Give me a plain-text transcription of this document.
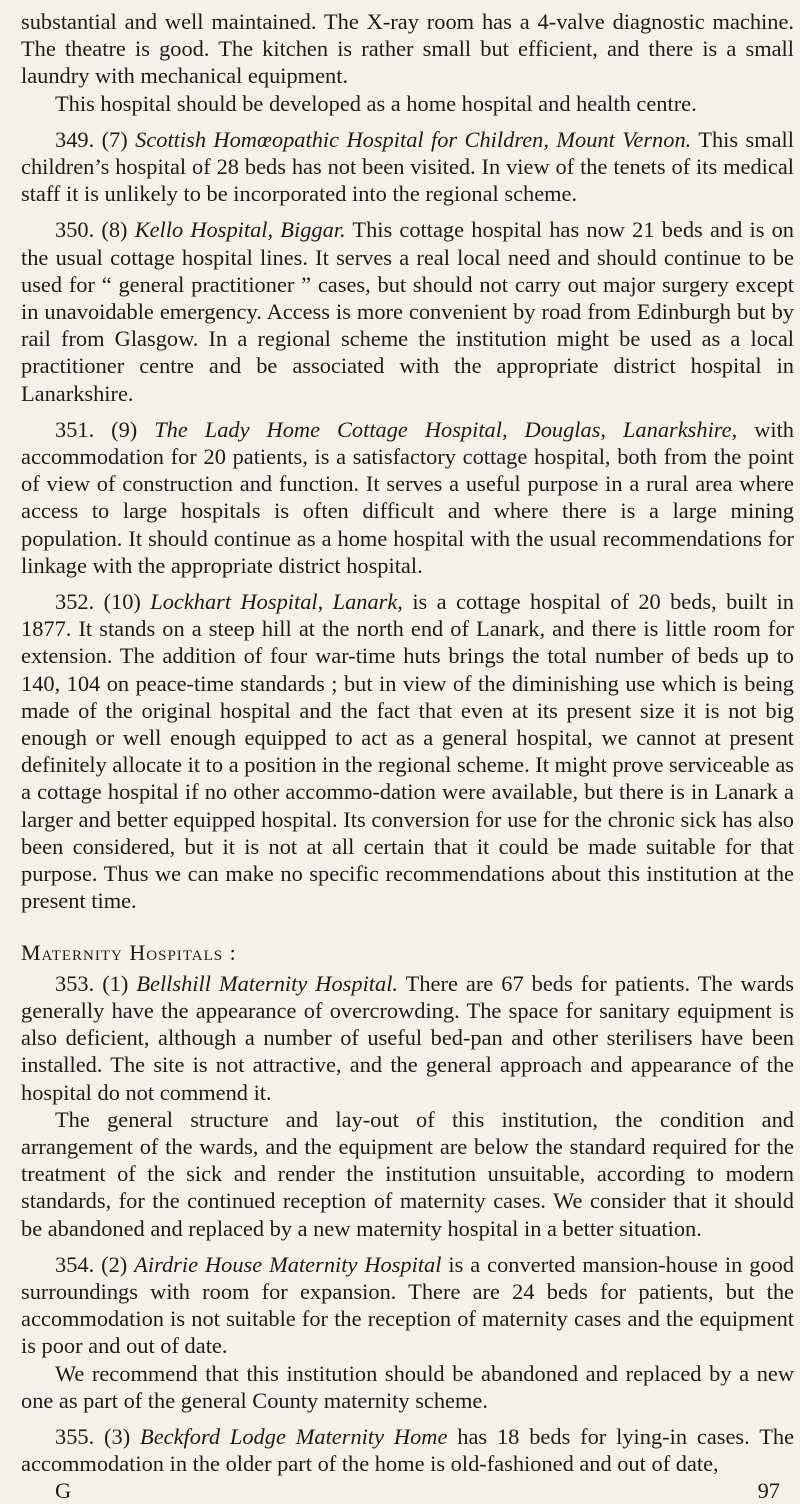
substantial and well maintained. The X-ray room has a 4-valve diagnostic machine. The theatre is good. The kitchen is rather small but efficient, and there is a small laundry with mechanical equipment.

This hospital should be developed as a home hospital and health centre.

349. (7) Scottish Homœopathic Hospital for Children, Mount Vernon. This small children’s hospital of 28 beds has not been visited. In view of the tenets of its medical staff it is unlikely to be incorporated into the regional scheme.

350. (8) Kello Hospital, Biggar. This cottage hospital has now 21 beds and is on the usual cottage hospital lines. It serves a real local need and should continue to be used for “ general practitioner ” cases, but should not carry out major surgery except in unavoidable emergency. Access is more convenient by road from Edinburgh but by rail from Glasgow. In a regional scheme the institution might be used as a local practitioner centre and be associated with the appropriate district hospital in Lanarkshire.

351. (9) The Lady Home Cottage Hospital, Douglas, Lanarkshire, with accommodation for 20 patients, is a satisfactory cottage hospital, both from the point of view of construction and function. It serves a useful purpose in a rural area where access to large hospitals is often difficult and where there is a large mining population. It should continue as a home hospital with the usual recommendations for linkage with the appropriate district hospital.

352. (10) Lockhart Hospital, Lanark, is a cottage hospital of 20 beds, built in 1877. It stands on a steep hill at the north end of Lanark, and there is little room for extension. The addition of four war-time huts brings the total number of beds up to 140, 104 on peace-time standards ; but in view of the diminishing use which is being made of the original hospital and the fact that even at its present size it is not big enough or well enough equipped to act as a general hospital, we cannot at present definitely allocate it to a position in the regional scheme. It might prove serviceable as a cottage hospital if no other accommo-dation were available, but there is in Lanark a larger and better equipped hospital. Its conversion for use for the chronic sick has also been considered, but it is not at all certain that it could be made suitable for that purpose. Thus we can make no specific recommendations about this institution at the present time.

Maternity Hospitals :

353. (1) Bellshill Maternity Hospital. There are 67 beds for patients. The wards generally have the appearance of overcrowding. The space for sanitary equipment is also deficient, although a number of useful bed-pan and other sterilisers have been installed. The site is not attractive, and the general approach and appearance of the hospital do not commend it.

The general structure and lay-out of this institution, the condition and arrangement of the wards, and the equipment are below the standard required for the treatment of the sick and render the institution unsuitable, according to modern standards, for the continued reception of maternity cases. We consider that it should be abandoned and replaced by a new maternity hospital in a better situation.

354. (2) Airdrie House Maternity Hospital is a converted mansion-house in good surroundings with room for expansion. There are 24 beds for patients, but the accommodation is not suitable for the reception of maternity cases and the equipment is poor and out of date.

We recommend that this institution should be abandoned and replaced by a new one as part of the general County maternity scheme.

355. (3) Beckford Lodge Maternity Home has 18 beds for lying-in cases. The accommodation in the older part of the home is old-fashioned and out of date,

G	97
